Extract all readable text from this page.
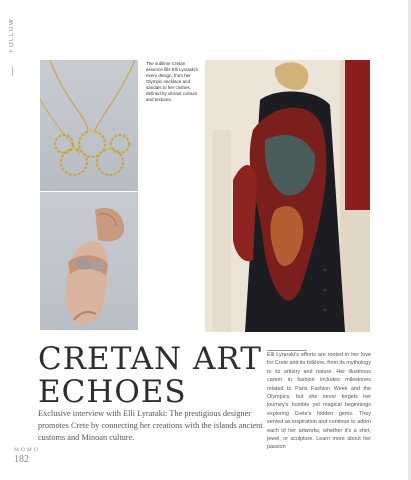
FOLLOW
The sublime Cretan essence fills Elli Lyraraki's every design, from her Olympic necklace and sandals to her clothes, defined by vibrant colours and textures.
CRETAN ART
ECHOES
Exclusive interview with Elli Lyraraki: The prestigious designer promotes Crete by connecting her creations with the islands ancient customs and Minoan culture.
Elli Lyraraki's efforts are rooted in her love for Crete and its folklore, from its mythology to its artistry and nature. Her illustrious career in fashion includes milestones related to Paris Fashion Week and the Olympics, but she never forgets her journey's humble yet magical beginnings exploring Crete's hidden gems. They served as inspiration and continue to adorn each of her artworks, whether it's a shirt, jewel, or sculpture. Learn more about her passion
MOMO
182
